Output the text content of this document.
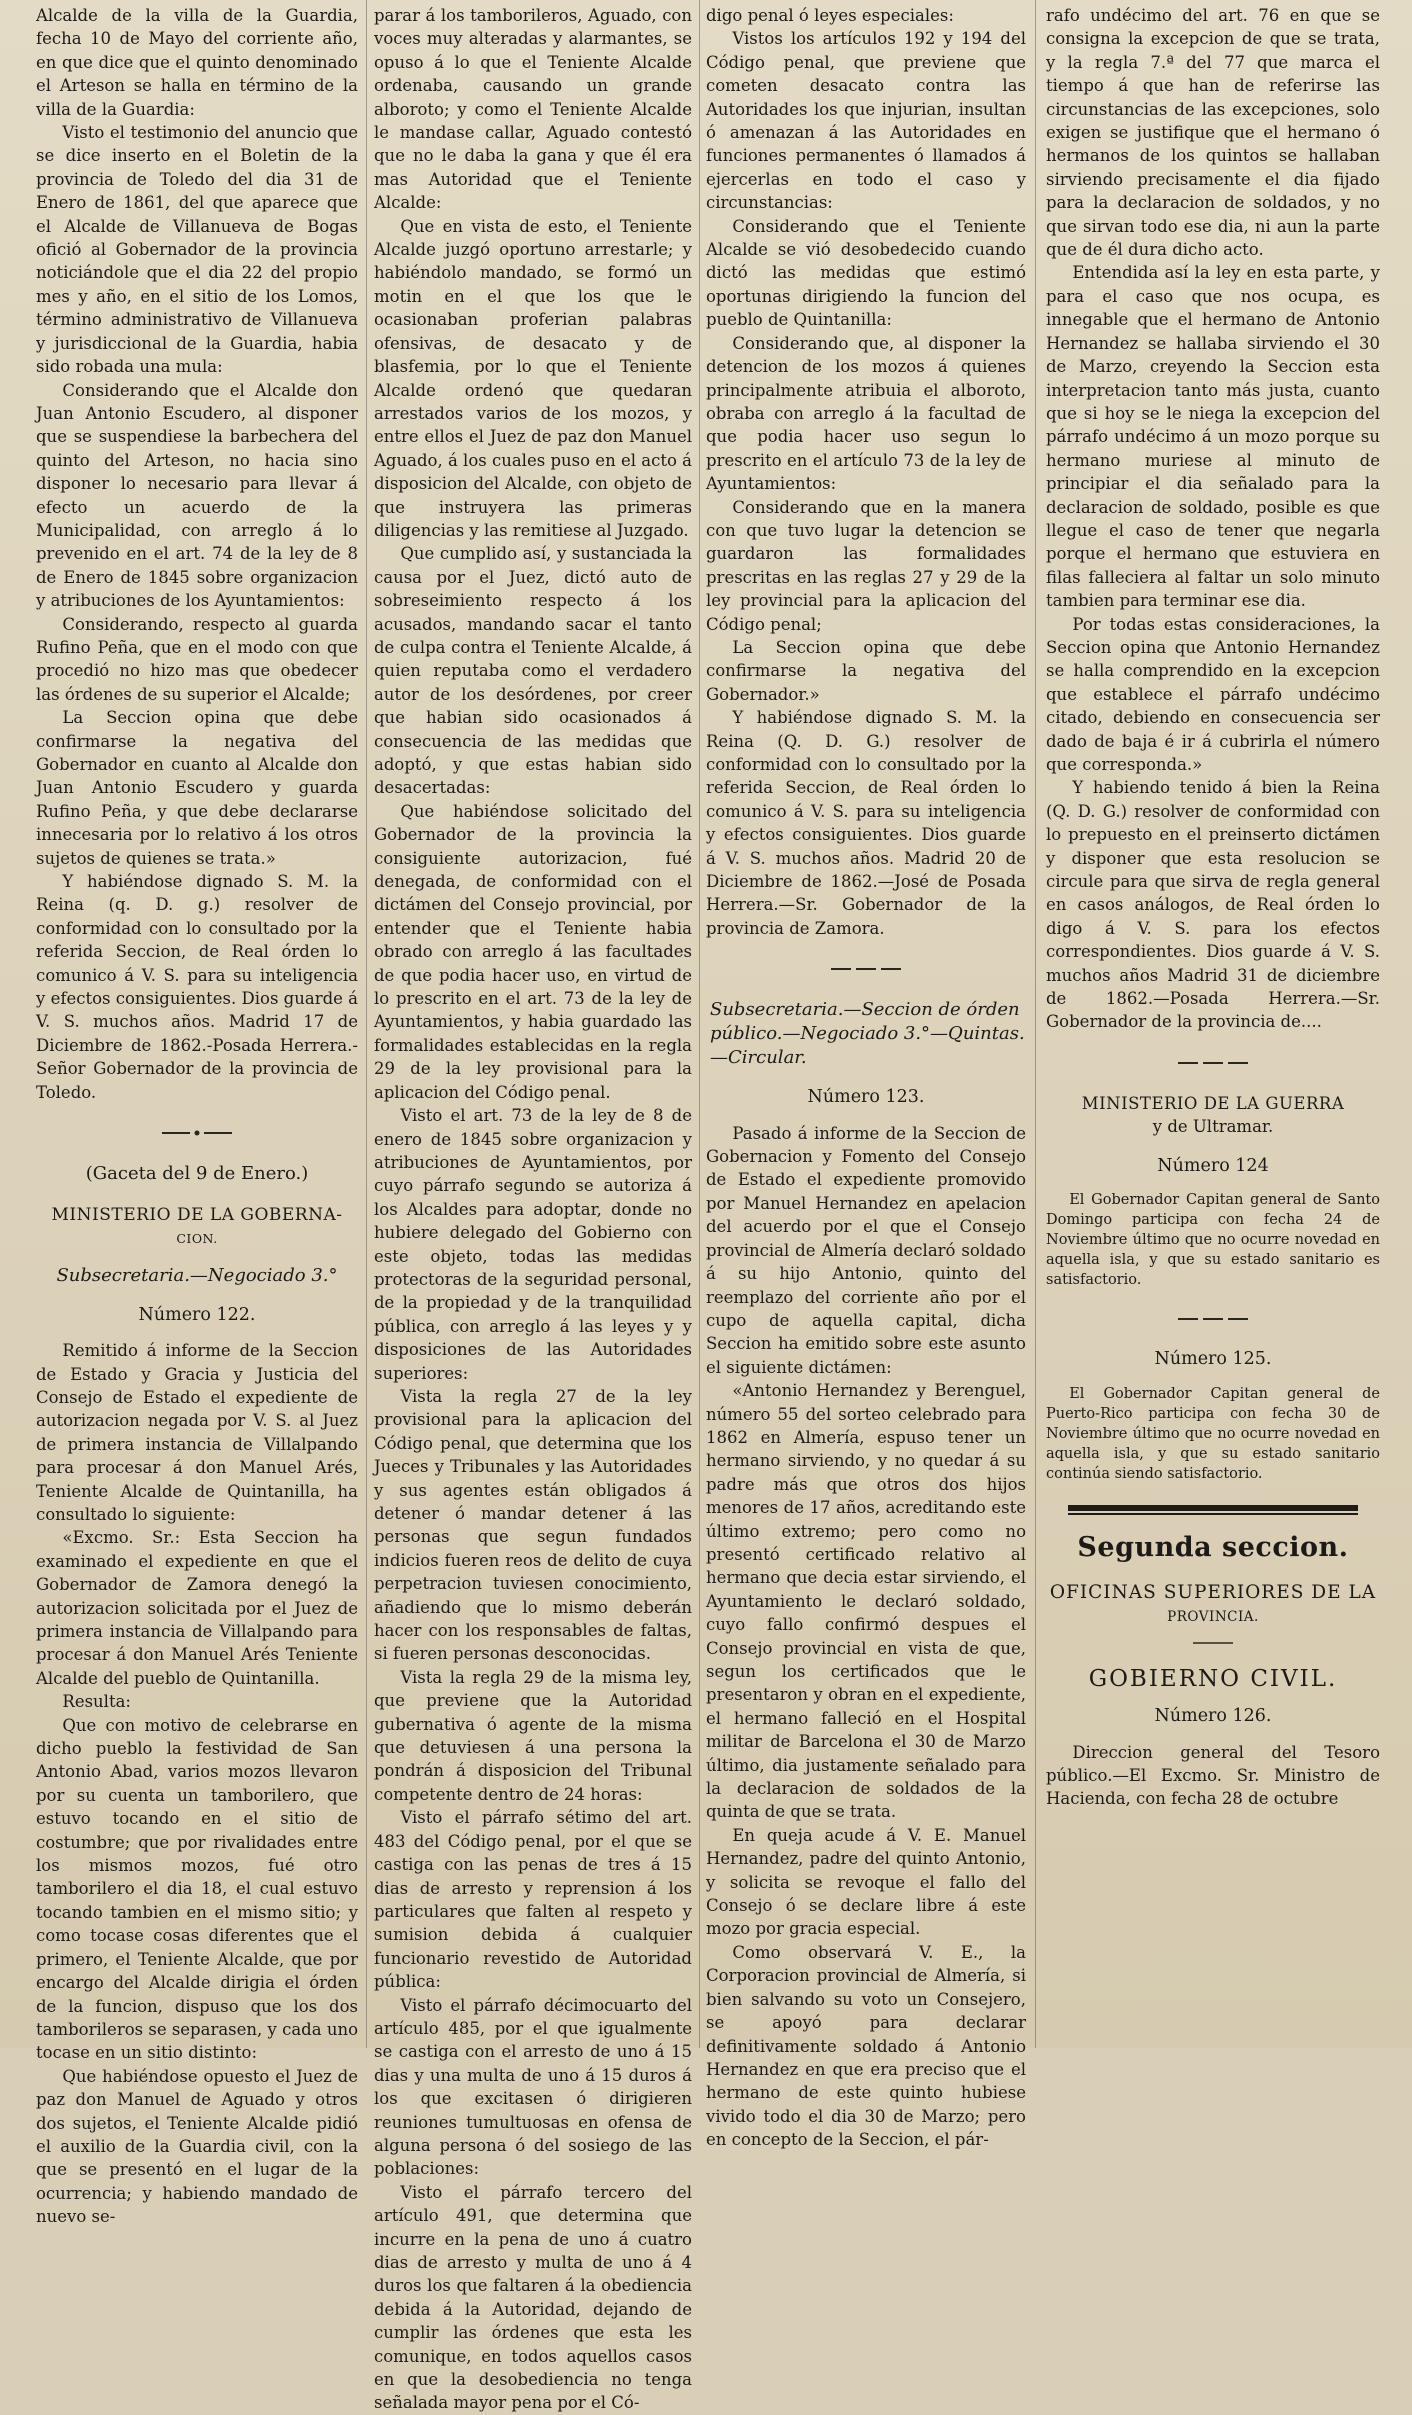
Alcalde de la villa de la Guardia, fecha 10 de Mayo del corriente año, en que dice que el quinto denominado el Arteson se halla en término de la villa de la Guardia:

Visto el testimonio del anuncio que se dice inserto en el Boletin de la provincia de Toledo del dia 31 de Enero de 1861, del que aparece que el Alcalde de Villanueva de Bogas ofició al Gobernador de la provincia noticiándole que el dia 22 del propio mes y año, en el sitio de los Lomos, término administrativo de Villanueva y jurisdiccional de la Guardia, habia sido robada una mula:

Considerando que el Alcalde don Juan Antonio Escudero, al disponer que se suspendiese la barbechera del quinto del Arteson, no hacia sino disponer lo necesario para llevar á efecto un acuerdo de la Municipalidad, con arreglo á lo prevenido en el art. 74 de la ley de 8 de Enero de 1845 sobre organizacion y atribuciones de los Ayuntamientos:

Considerando, respecto al guarda Rufino Peña, que en el modo con que procedió no hizo mas que obedecer las órdenes de su superior el Alcalde;

La Seccion opina que debe confirmarse la negativa del Gobernador en cuanto al Alcalde don Juan Antonio Escudero y guarda Rufino Peña, y que debe declararse innecesaria por lo relativo á los otros sujetos de quienes se trata.»

Y habiéndose dignado S. M. la Reina (q. D. g.) resolver de conformidad con lo consultado por la referida Seccion, de Real órden lo comunico á V. S. para su inteligencia y efectos consiguientes. Dios guarde á V. S. muchos años. Madrid 17 de Diciembre de 1862.-Posada Herrera.-Señor Gobernador de la provincia de Toledo.

(Gaceta del 9 de Enero.)
MINISTERIO DE LA GOBERNA-
CION.
Subsecretaria.—Negociado 3.°
Número 122.

Remitido á informe de la Seccion de Estado y Gracia y Justicia del Consejo de Estado el expediente de autorizacion negada por V. S. al Juez de primera instancia de Villalpando para procesar á don Manuel Arés, Teniente Alcalde de Quintanilla, ha consultado lo siguiente:

«Excmo. Sr.: Esta Seccion ha examinado el expediente en que el Gobernador de Zamora denegó la autorizacion solicitada por el Juez de primera instancia de Villalpando para procesar á don Manuel Arés Teniente Alcalde del pueblo de Quintanilla.

Resulta:

Que con motivo de celebrarse en dicho pueblo la festividad de San Antonio Abad, varios mozos llevaron por su cuenta un tamborilero, que estuvo tocando en el sitio de costumbre; que por rivalidades entre los mismos mozos, fué otro tamborilero el dia 18, el cual estuvo tocando tambien en el mismo sitio; y como tocase cosas diferentes que el primero, el Teniente Alcalde, que por encargo del Alcalde dirigia el órden de la funcion, dispuso que los dos tamborileros se separasen, y cada uno tocase en un sitio distinto:

Que habiéndose opuesto el Juez de paz don Manuel de Aguado y otros dos sujetos, el Teniente Alcalde pidió el auxilio de la Guardia civil, con la que se presentó en el lugar de la ocurrencia; y habiendo mandado de nuevo se-

parar á los tamborileros, Aguado, con voces muy alteradas y alarmantes, se opuso á lo que el Teniente Alcalde ordenaba, causando un grande alboroto; y como el Teniente Alcalde le mandase callar, Aguado contestó que no le daba la gana y que él era mas Autoridad que el Teniente Alcalde:

Que en vista de esto, el Teniente Alcalde juzgó oportuno arrestarle; y habiéndolo mandado, se formó un motin en el que los que le ocasionaban proferian palabras ofensivas, de desacato y de blasfemia, por lo que el Teniente Alcalde ordenó que quedaran arrestados varios de los mozos, y entre ellos el Juez de paz don Manuel Aguado, á los cuales puso en el acto á disposicion del Alcalde, con objeto de que instruyera las primeras diligencias y las remitiese al Juzgado.

Que cumplido así, y sustanciada la causa por el Juez, dictó auto de sobreseimiento respecto á los acusados, mandando sacar el tanto de culpa contra el Teniente Alcalde, á quien reputaba como el verdadero autor de los desórdenes, por creer que habian sido ocasionados á consecuencia de las medidas que adoptó, y que estas habian sido desacertadas:

Que habiéndose solicitado del Gobernador de la provincia la consiguiente autorizacion, fué denegada, de conformidad con el dictámen del Consejo provincial, por entender que el Teniente habia obrado con arreglo á las facultades de que podia hacer uso, en virtud de lo prescrito en el art. 73 de la ley de Ayuntamientos, y habia guardado las formalidades establecidas en la regla 29 de la ley provisional para la aplicacion del Código penal.

Visto el art. 73 de la ley de 8 de enero de 1845 sobre organizacion y atribuciones de Ayuntamientos, por cuyo párrafo segundo se autoriza á los Alcaldes para adoptar, donde no hubiere delegado del Gobierno con este objeto, todas las medidas protectoras de la seguridad personal, de la propiedad y de la tranquilidad pública, con arreglo á las leyes y y disposiciones de las Autoridades superiores:

Vista la regla 27 de la ley provisional para la aplicacion del Código penal, que determina que los Jueces y Tribunales y las Autoridades y sus agentes están obligados á detener ó mandar detener á las personas que segun fundados indicios fueren reos de delito de cuya perpetracion tuviesen conocimiento, añadiendo que lo mismo deberán hacer con los responsables de faltas, si fueren personas desconocidas.

Vista la regla 29 de la misma ley, que previene que la Autoridad gubernativa ó agente de la misma que detuviesen á una persona la pondrán á disposicion del Tribunal competente dentro de 24 horas:

Visto el párrafo sétimo del art. 483 del Código penal, por el que se castiga con las penas de tres á 15 dias de arresto y reprension á los particulares que falten al respeto y sumision debida á cualquier funcionario revestido de Autoridad pública:

Visto el párrafo décimocuarto del artículo 485, por el que igualmente se castiga con el arresto de uno á 15 dias y una multa de uno á 15 duros á los que excitasen ó dirigieren reuniones tumultuosas en ofensa de alguna persona ó del sosiego de las poblaciones:

Visto el párrafo tercero del artículo 491, que determina que incurre en la pena de uno á cuatro dias de arresto y multa de uno á 4 duros los que faltaren á la obediencia debida á la Autoridad, dejando de cumplir las órdenes que esta les comunique, en todos aquellos casos en que la desobediencia no tenga señalada mayor pena por el Có-

digo penal ó leyes especiales:

Vistos los artículos 192 y 194 del Código penal, que previene que cometen desacato contra las Autoridades los que injurian, insultan ó amenazan á las Autoridades en funciones permanentes ó llamados á ejercerlas en todo el caso y circunstancias:

Considerando que el Teniente Alcalde se vió desobedecido cuando dictó las medidas que estimó oportunas dirigiendo la funcion del pueblo de Quintanilla:

Considerando que, al disponer la detencion de los mozos á quienes principalmente atribuia el alboroto, obraba con arreglo á la facultad de que podia hacer uso segun lo prescrito en el artículo 73 de la ley de Ayuntamientos:

Considerando que en la manera con que tuvo lugar la detencion se guardaron las formalidades prescritas en las reglas 27 y 29 de la ley provincial para la aplicacion del Código penal;

La Seccion opina que debe confirmarse la negativa del Gobernador.»

Y habiéndose dignado S. M. la Reina (Q. D. G.) resolver de conformidad con lo consultado por la referida Seccion, de Real órden lo comunico á V. S. para su inteligencia y efectos consiguientes. Dios guarde á V. S. muchos años. Madrid 20 de Diciembre de 1862.—José de Posada Herrera.—Sr. Gobernador de la provincia de Zamora.

Subsecretaria.—Seccion de órden público.—Negociado 3.°—Quintas.—Circular.
Número 123.

Pasado á informe de la Seccion de Gobernacion y Fomento del Consejo de Estado el expediente promovido por Manuel Hernandez en apelacion del acuerdo por el que el Consejo provincial de Almería declaró soldado á su hijo Antonio, quinto del reemplazo del corriente año por el cupo de aquella capital, dicha Seccion ha emitido sobre este asunto el siguiente dictámen:

«Antonio Hernandez y Berenguel, número 55 del sorteo celebrado para 1862 en Almería, espuso tener un hermano sirviendo, y no quedar á su padre más que otros dos hijos menores de 17 años, acreditando este último extremo; pero como no presentó certificado relativo al hermano que decia estar sirviendo, el Ayuntamiento le declaró soldado, cuyo fallo confirmó despues el Consejo provincial en vista de que, segun los certificados que le presentaron y obran en el expediente, el hermano falleció en el Hospital militar de Barcelona el 30 de Marzo último, dia justamente señalado para la declaracion de soldados de la quinta de que se trata.

En queja acude á V. E. Manuel Hernandez, padre del quinto Antonio, y solicita se revoque el fallo del Consejo ó se declare libre á este mozo por gracia especial.

Como observará V. E., la Corporacion provincial de Almería, si bien salvando su voto un Consejero, se apoyó para declarar definitivamente soldado á Antonio Hernandez en que era preciso que el hermano de este quinto hubiese vivido todo el dia 30 de Marzo; pero en concepto de la Seccion, el pár-

rafo undécimo del art. 76 en que se consigna la excepcion de que se trata, y la regla 7.ª del 77 que marca el tiempo á que han de referirse las circunstancias de las excepciones, solo exigen se justifique que el hermano ó hermanos de los quintos se hallaban sirviendo precisamente el dia fijado para la declaracion de soldados, y no que sirvan todo ese dia, ni aun la parte que de él dura dicho acto.

Entendida así la ley en esta parte, y para el caso que nos ocupa, es innegable que el hermano de Antonio Hernandez se hallaba sirviendo el 30 de Marzo, creyendo la Seccion esta interpretacion tanto más justa, cuanto que si hoy se le niega la excepcion del párrafo undécimo á un mozo porque su hermano muriese al minuto de principiar el dia señalado para la declaracion de soldado, posible es que llegue el caso de tener que negarla porque el hermano que estuviera en filas falleciera al faltar un solo minuto tambien para terminar ese dia.

Por todas estas consideraciones, la Seccion opina que Antonio Hernandez se halla comprendido en la excepcion que establece el párrafo undécimo citado, debiendo en consecuencia ser dado de baja é ir á cubrirla el número que corresponda.»

Y habiendo tenido á bien la Reina (Q. D. G.) resolver de conformidad con lo prepuesto en el preinserto dictámen y disponer que esta resolucion se circule para que sirva de regla general en casos análogos, de Real órden lo digo á V. S. para los efectos correspondientes. Dios guarde á V. S. muchos años Madrid 31 de diciembre de 1862.—Posada Herrera.—Sr. Gobernador de la provincia de....

MINISTERIO DE LA GUERRA
y de Ultramar.
Número 124

El Gobernador Capitan general de Santo Domingo participa con fecha 24 de Noviembre último que no ocurre novedad en aquella isla, y que su estado sanitario es satisfactorio.

Número 125.

El Gobernador Capitan general de Puerto-Rico participa con fecha 30 de Noviembre último que no ocurre novedad en aquella isla, y que su estado sanitario continúa siendo satisfactorio.

Segunda seccion.
OFICINAS SUPERIORES DE LA
PROVINCIA.
GOBIERNO CIVIL.
Número 126.

Direccion general del Tesoro público.—El Excmo. Sr. Ministro de Hacienda, con fecha 28 de octubre
